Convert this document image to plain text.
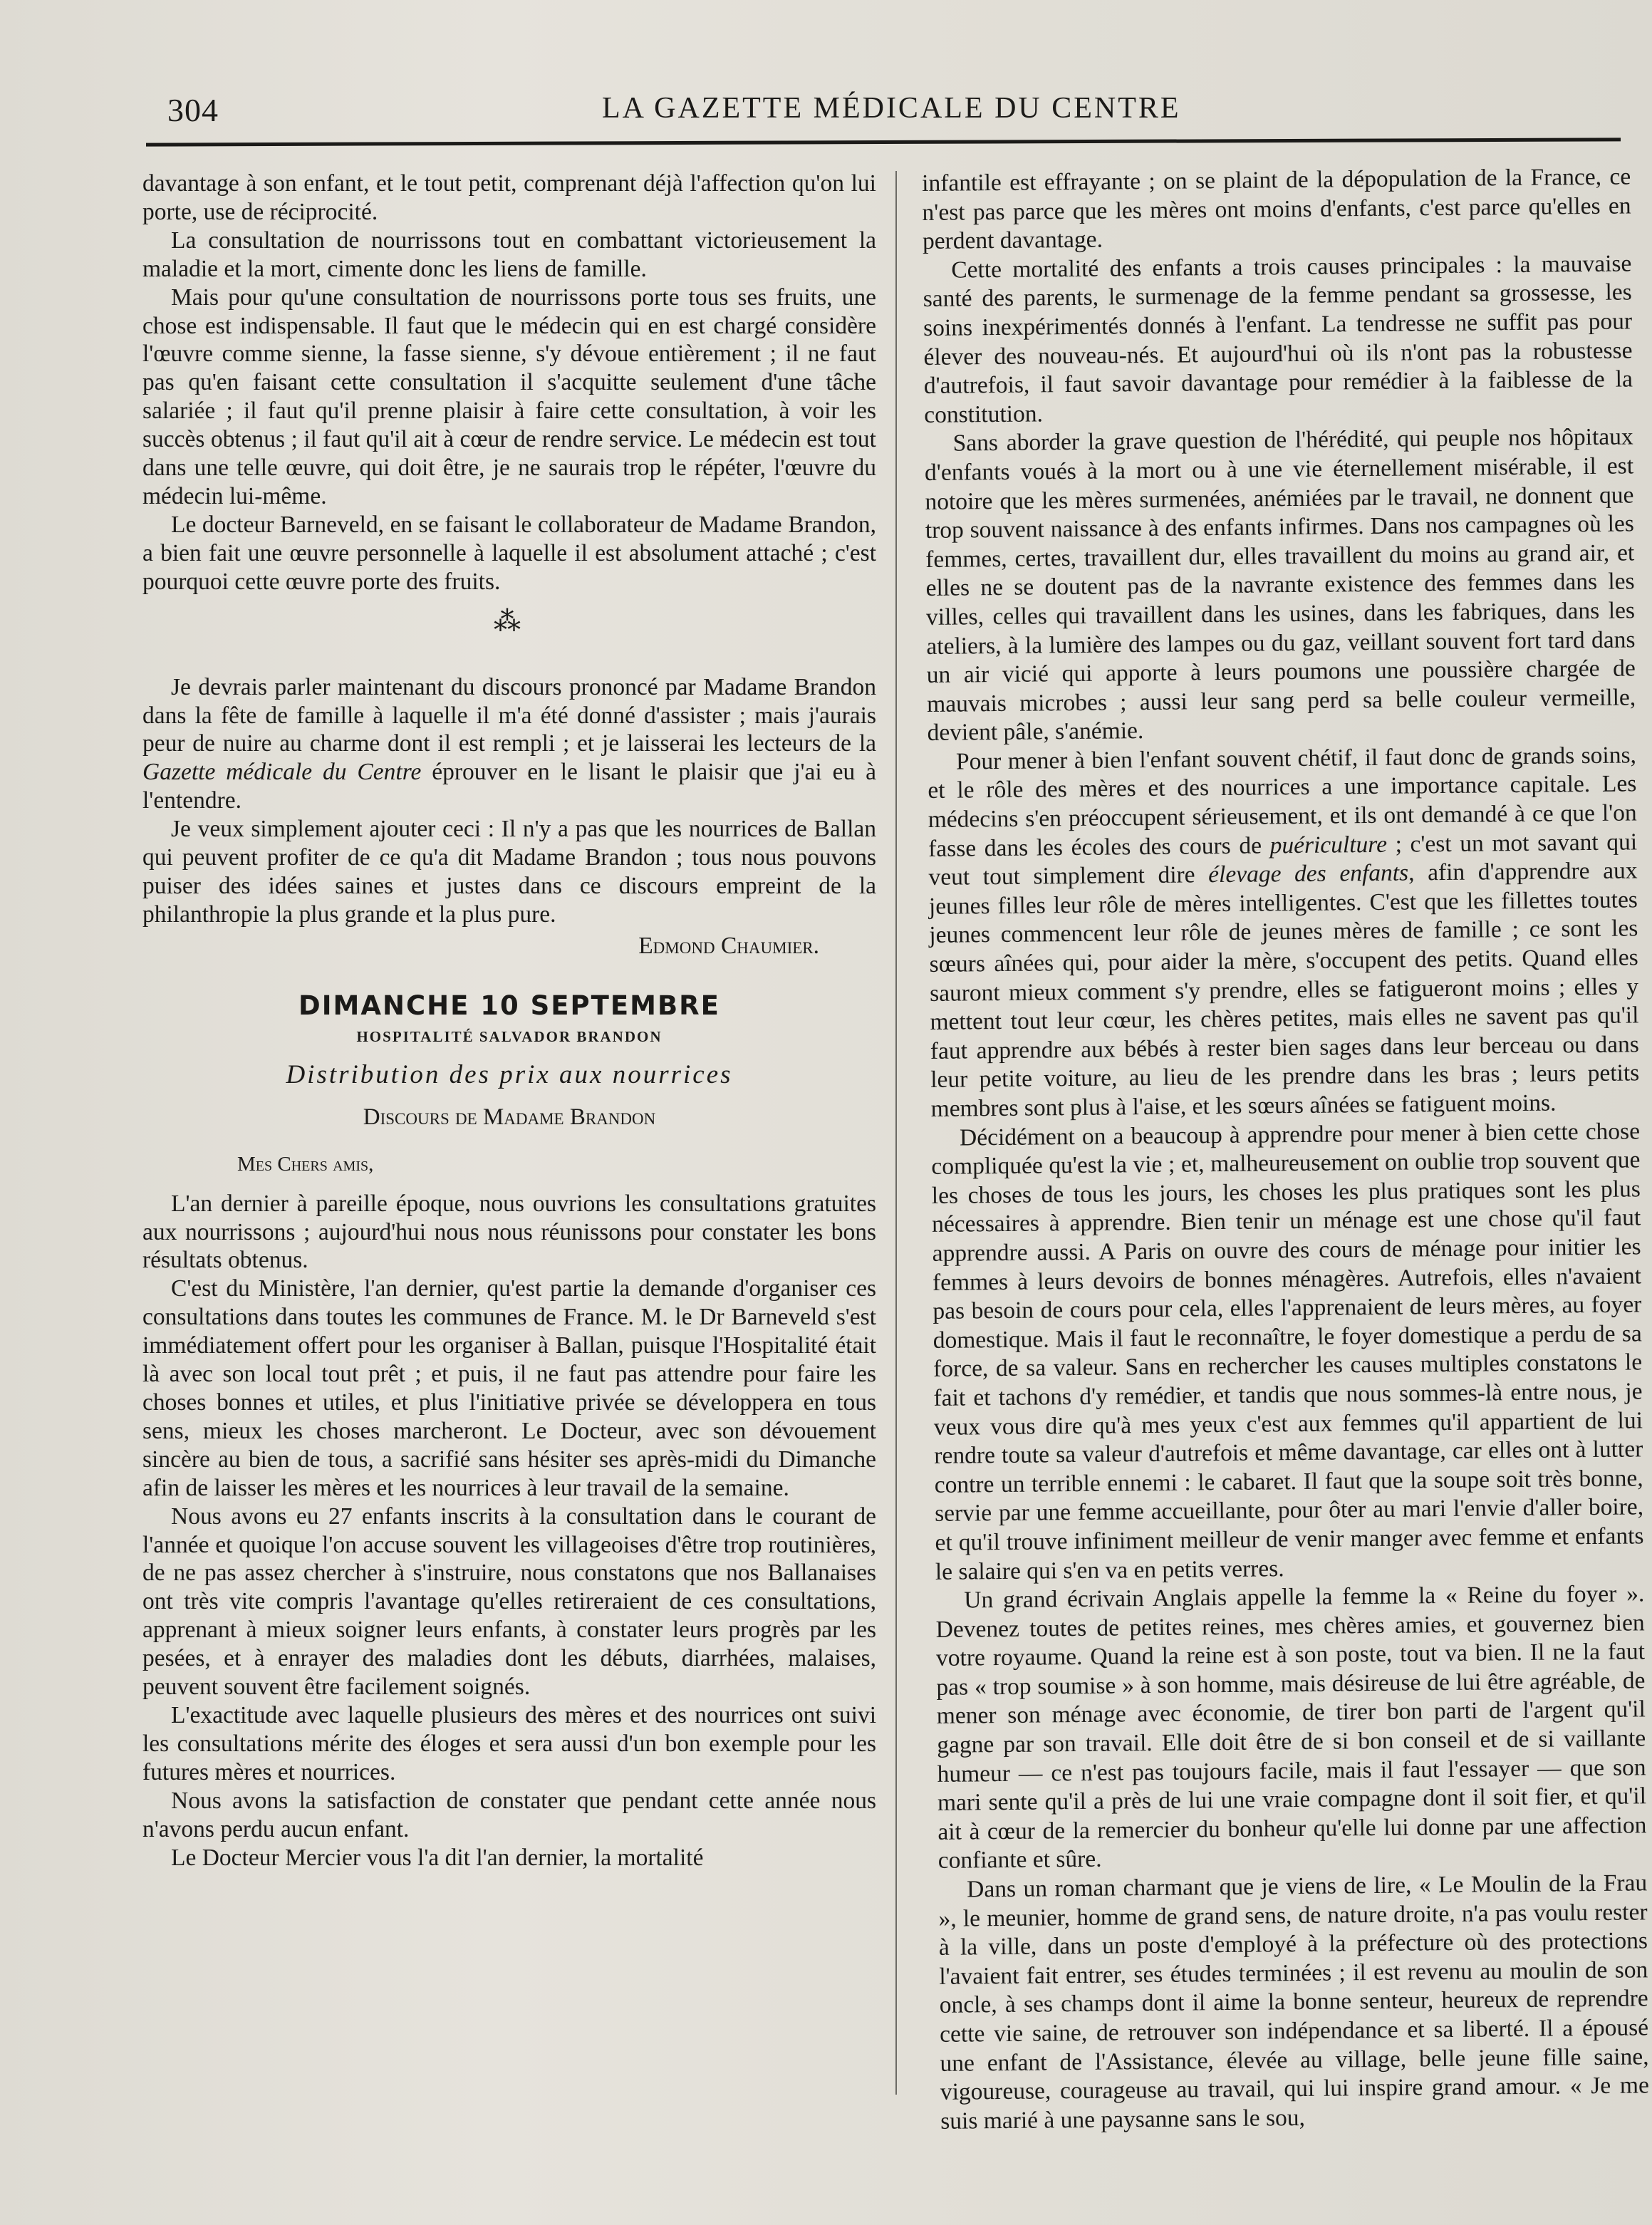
304	LA GAZETTE MÉDICALE DU CENTRE

davantage à son enfant, et le tout petit, comprenant déjà l'affection qu'on lui porte, use de réciprocité.

La consultation de nourrissons tout en combattant victorieusement la maladie et la mort, cimente donc les liens de famille.

Mais pour qu'une consultation de nourrissons porte tous ses fruits, une chose est indispensable. Il faut que le médecin qui en est chargé considère l'œuvre comme sienne, la fasse sienne, s'y dévoue entièrement ; il ne faut pas qu'en faisant cette consultation il s'acquitte seulement d'une tâche salariée ; il faut qu'il prenne plaisir à faire cette consultation, à voir les succès obtenus ; il faut qu'il ait à cœur de rendre service. Le médecin est tout dans une telle œuvre, qui doit être, je ne saurais trop le répéter, l'œuvre du médecin lui-même.

Le docteur Barneveld, en se faisant le collaborateur de Madame Brandon, a bien fait une œuvre personnelle à laquelle il est absolument attaché ; c'est pourquoi cette œuvre porte des fruits.

⁂

Je devrais parler maintenant du discours prononcé par Madame Brandon dans la fête de famille à laquelle il m'a été donné d'assister ; mais j'aurais peur de nuire au charme dont il est rempli ; et je laisserai les lecteurs de la Gazette médicale du Centre éprouver en le lisant le plaisir que j'ai eu à l'entendre.

Je veux simplement ajouter ceci : Il n'y a pas que les nourrices de Ballan qui peuvent profiter de ce qu'a dit Madame Brandon ; tous nous pouvons puiser des idées saines et justes dans ce discours empreint de la philanthropie la plus grande et la plus pure.

Edmond Chaumier.
DIMANCHE 10 SEPTEMBRE
HOSPITALITÉ SALVADOR BRANDON
Distribution des prix aux nourrices
Discours de Madame Brandon
Mes Chers amis,

L'an dernier à pareille époque, nous ouvrions les consultations gratuites aux nourrissons ; aujourd'hui nous nous réunissons pour constater les bons résultats obtenus.

C'est du Ministère, l'an dernier, qu'est partie la demande d'organiser ces consultations dans toutes les communes de France. M. le Dr Barneveld s'est immédiatement offert pour les organiser à Ballan, puisque l'Hospitalité était là avec son local tout prêt ; et puis, il ne faut pas attendre pour faire les choses bonnes et utiles, et plus l'initiative privée se développera en tous sens, mieux les choses marcheront. Le Docteur, avec son dévouement sincère au bien de tous, a sacrifié sans hésiter ses après-midi du Dimanche afin de laisser les mères et les nourrices à leur travail de la semaine.

Nous avons eu 27 enfants inscrits à la consultation dans le courant de l'année et quoique l'on accuse souvent les villageoises d'être trop routinières, de ne pas assez chercher à s'instruire, nous constatons que nos Ballanaises ont très vite compris l'avantage qu'elles retireraient de ces consultations, apprenant à mieux soigner leurs enfants, à constater leurs progrès par les pesées, et à enrayer des maladies dont les débuts, diarrhées, malaises, peuvent souvent être facilement soignés.

L'exactitude avec laquelle plusieurs des mères et des nourrices ont suivi les consultations mérite des éloges et sera aussi d'un bon exemple pour les futures mères et nourrices.

Nous avons la satisfaction de constater que pendant cette année nous n'avons perdu aucun enfant.

Le Docteur Mercier vous l'a dit l'an dernier, la mortalité

infantile est effrayante ; on se plaint de la dépopulation de la France, ce n'est pas parce que les mères ont moins d'enfants, c'est parce qu'elles en perdent davantage.

Cette mortalité des enfants a trois causes principales : la mauvaise santé des parents, le surmenage de la femme pendant sa grossesse, les soins inexpérimentés donnés à l'enfant. La tendresse ne suffit pas pour élever des nouveau-nés. Et aujourd'hui où ils n'ont pas la robustesse d'autrefois, il faut savoir davantage pour remédier à la faiblesse de la constitution.

Sans aborder la grave question de l'hérédité, qui peuple nos hôpitaux d'enfants voués à la mort ou à une vie éternellement misérable, il est notoire que les mères surmenées, anémiées par le travail, ne donnent que trop souvent naissance à des enfants infirmes. Dans nos campagnes où les femmes, certes, travaillent dur, elles travaillent du moins au grand air, et elles ne se doutent pas de la navrante existence des femmes dans les villes, celles qui travaillent dans les usines, dans les fabriques, dans les ateliers, à la lumière des lampes ou du gaz, veillant souvent fort tard dans un air vicié qui apporte à leurs poumons une poussière chargée de mauvais microbes ; aussi leur sang perd sa belle couleur vermeille, devient pâle, s'anémie.

Pour mener à bien l'enfant souvent chétif, il faut donc de grands soins, et le rôle des mères et des nourrices a une importance capitale. Les médecins s'en préoccupent sérieusement, et ils ont demandé à ce que l'on fasse dans les écoles des cours de puériculture ; c'est un mot savant qui veut tout simplement dire élevage des enfants, afin d'apprendre aux jeunes filles leur rôle de mères intelligentes. C'est que les fillettes toutes jeunes commencent leur rôle de jeunes mères de famille ; ce sont les sœurs aînées qui, pour aider la mère, s'occupent des petits. Quand elles sauront mieux comment s'y prendre, elles se fatigueront moins ; elles y mettent tout leur cœur, les chères petites, mais elles ne savent pas qu'il faut apprendre aux bébés à rester bien sages dans leur berceau ou dans leur petite voiture, au lieu de les prendre dans les bras ; leurs petits membres sont plus à l'aise, et les sœurs aînées se fatiguent moins.

Décidément on a beaucoup à apprendre pour mener à bien cette chose compliquée qu'est la vie ; et, malheureusement on oublie trop souvent que les choses de tous les jours, les choses les plus pratiques sont les plus nécessaires à apprendre. Bien tenir un ménage est une chose qu'il faut apprendre aussi. A Paris on ouvre des cours de ménage pour initier les femmes à leurs devoirs de bonnes ménagères. Autrefois, elles n'avaient pas besoin de cours pour cela, elles l'apprenaient de leurs mères, au foyer domestique. Mais il faut le reconnaître, le foyer domestique a perdu de sa force, de sa valeur. Sans en rechercher les causes multiples constatons le fait et tachons d'y remédier, et tandis que nous sommes-là entre nous, je veux vous dire qu'à mes yeux c'est aux femmes qu'il appartient de lui rendre toute sa valeur d'autrefois et même davantage, car elles ont à lutter contre un terrible ennemi : le cabaret. Il faut que la soupe soit très bonne, servie par une femme accueillante, pour ôter au mari l'envie d'aller boire, et qu'il trouve infiniment meilleur de venir manger avec femme et enfants le salaire qui s'en va en petits verres.

Un grand écrivain Anglais appelle la femme la « Reine du foyer ». Devenez toutes de petites reines, mes chères amies, et gouvernez bien votre royaume. Quand la reine est à son poste, tout va bien. Il ne la faut pas « trop soumise » à son homme, mais désireuse de lui être agréable, de mener son ménage avec économie, de tirer bon parti de l'argent qu'il gagne par son travail. Elle doit être de si bon conseil et de si vaillante humeur — ce n'est pas toujours facile, mais il faut l'essayer — que son mari sente qu'il a près de lui une vraie compagne dont il soit fier, et qu'il ait à cœur de la remercier du bonheur qu'elle lui donne par une affection confiante et sûre.

Dans un roman charmant que je viens de lire, « Le Moulin de la Frau », le meunier, homme de grand sens, de nature droite, n'a pas voulu rester à la ville, dans un poste d'employé à la préfecture où des protections l'avaient fait entrer, ses études terminées ; il est revenu au moulin de son oncle, à ses champs dont il aime la bonne senteur, heureux de reprendre cette vie saine, de retrouver son indépendance et sa liberté. Il a épousé une enfant de l'Assistance, élevée au village, belle jeune fille saine, vigoureuse, courageuse au travail, qui lui inspire grand amour. « Je me suis marié à une paysanne sans le sou,
